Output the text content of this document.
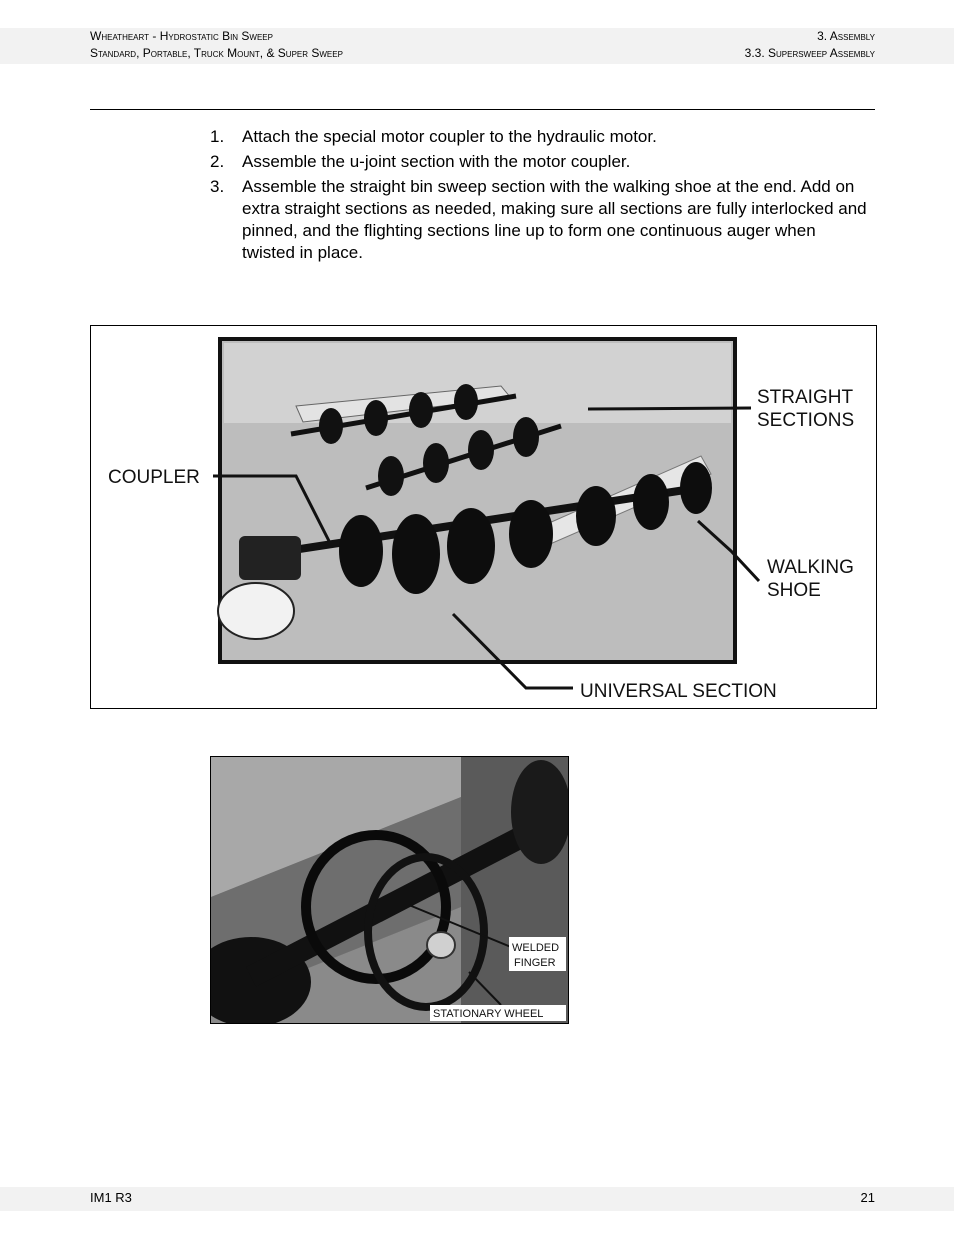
Wheatheart - Hydrostatic Bin Sweep
Standard, Portable, Truck Mount, & Super Sweep
3. Assembly
3.3. Supersweep Assembly
1. Attach the special motor coupler to the hydraulic motor.
2. Assemble the u-joint section with the motor coupler.
3. Assemble the straight bin sweep section with the walking shoe at the end. Add on extra straight sections as needed, making sure all sections are fully interlocked and pinned, and the flighting sections line up to form one continuous auger when twisted in place.
STRAIGHT
SECTIONS
COUPLER
WALKING
SHOE
UNIVERSAL SECTION
WELDED
FINGER
STATIONARY WHEEL
IM1 R3	21
